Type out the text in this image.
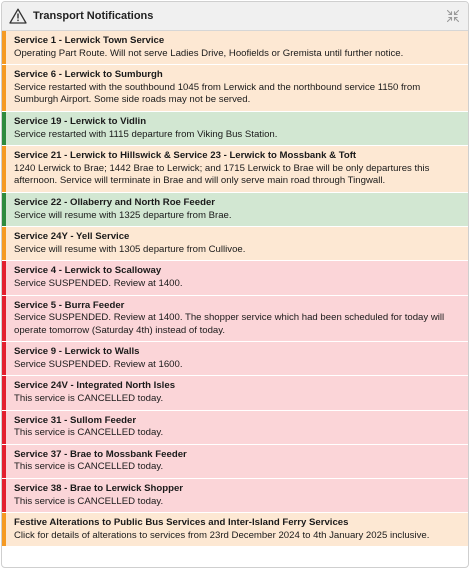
Transport Notifications
Service 1 - Lerwick Town Service
Operating Part Route. Will not serve Ladies Drive, Hoofields or Gremista until further notice.
Service 6 - Lerwick to Sumburgh
Service restarted with the southbound 1045 from Lerwick and the northbound service 1150 from Sumburgh Airport. Some side roads may not be served.
Service 19 - Lerwick to Vidlin
Service restarted with 1115 departure from Viking Bus Station.
Service 21 - Lerwick to Hillswick & Service 23 - Lerwick to Mossbank & Toft
1240 Lerwick to Brae; 1442 Brae to Lerwick; and 1715 Lerwick to Brae will be only departures this afternoon. Service will terminate in Brae and will only serve main road through Tingwall.
Service 22 - Ollaberry and North Roe Feeder
Service will resume with 1325 departure from Brae.
Service 24Y - Yell Service
Service will resume with 1305 departure from Cullivoe.
Service 4 - Lerwick to Scalloway
Service SUSPENDED. Review at 1400.
Service 5 - Burra Feeder
Service SUSPENDED. Review at 1400. The shopper service which had been scheduled for today will operate tomorrow (Saturday 4th) instead of today.
Service 9 - Lerwick to Walls
Service SUSPENDED. Review at 1600.
Service 24V - Integrated North Isles
This service is CANCELLED today.
Service 31 - Sullom Feeder
This service is CANCELLED today.
Service 37 - Brae to Mossbank Feeder
This service is CANCELLED today.
Service 38 - Brae to Lerwick Shopper
This service is CANCELLED today.
Festive Alterations to Public Bus Services and Inter-Island Ferry Services
Click for details of alterations to services from 23rd December 2024 to 4th January 2025 inclusive.
